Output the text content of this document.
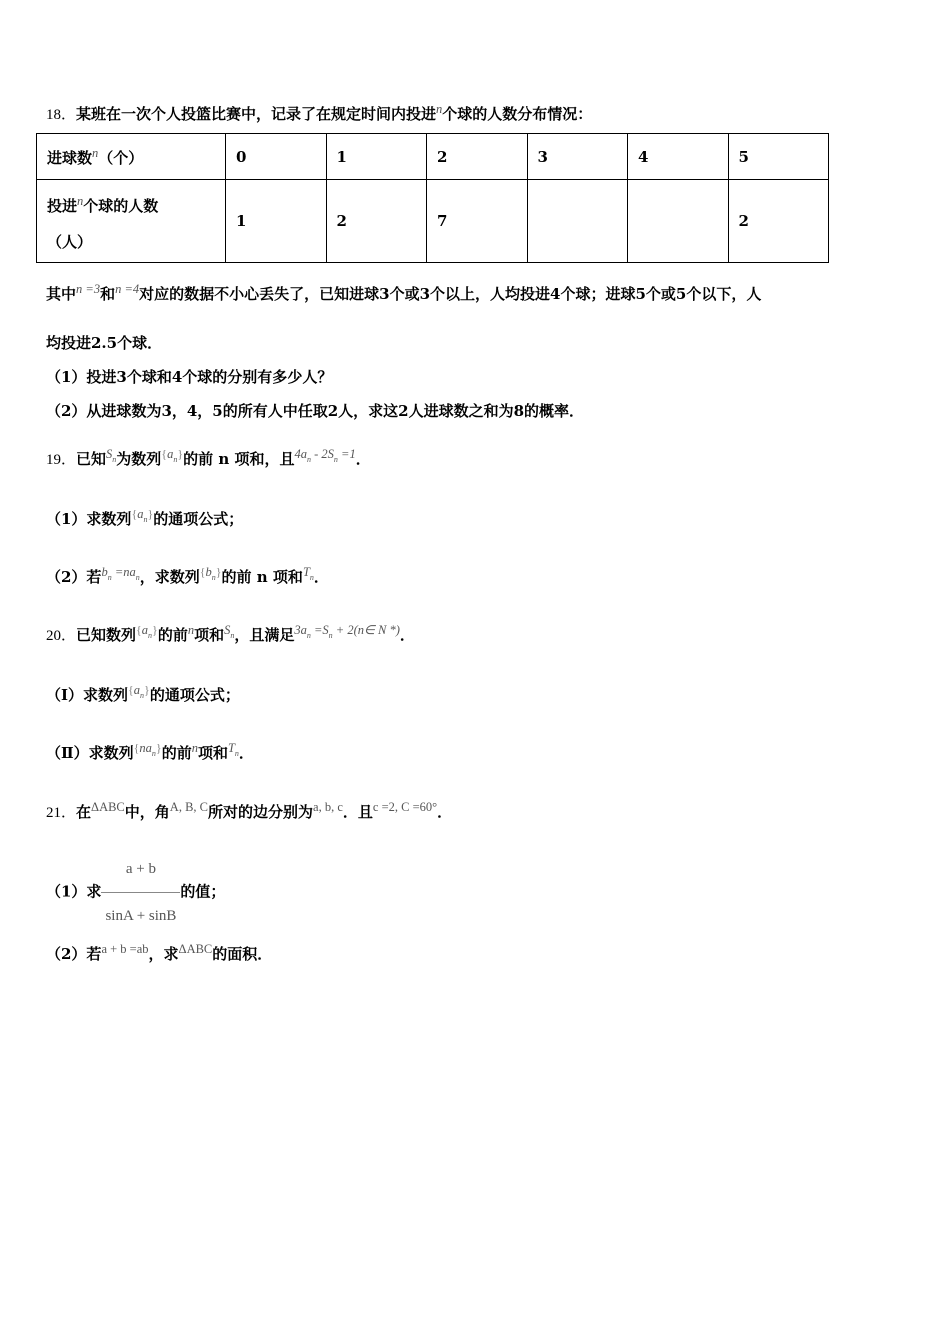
18．某班在一次个人投篮比赛中，记录了在规定时间内投进$^n$个球的人数分布情况：
进球数$^n$（个）	0	1	2	3	4	5
投进$^n$个球的人数
（人）	1	2	7			2
其中$^{n =3}$和$^{n =4}$对应的数据不小心丢失了，已知进球3个或3个以上，人均投进4个球；进球5个或5个以下，人
均投进2.5个球．
（1）投进3个球和4个球的分别有多少人？
（2）从进球数为3，4，5的所有人中任取2人，求这2人进球数之和为8的概率．
19．已知$^{S_n}$为数列$^{\{a_n\}}$的前 n 项和，且$^{4a_n - 2S_n =1}$．
（1）求数列$^{\{a_n\}}$的通项公式；
（2）若$^{b_n =na_n}$，求数列$^{\{b_n\}}$的前 n 项和$^{T_n}$．
20．已知数列$^{\{a_n\}}$的前$^n$项和$^{S_n}$，且满足$^{3a_n =S_n + 2(n\in N *)}$．
（Ⅰ）求数列$^{\{a_n\}}$的通项公式；
（Ⅱ）求数列$^{\{na_n\}}$的前$^n$项和$^{T_n}$．
21．在$^{\Delta ABC}$中，角$^{A, B, C}$所对的边分别为$^{a, b, c}$．且$^{c =2, C =60^\circ}$．
（1）求 $\frac{a + b}{\sin A + \sin B}$ 的值；
（2）若$^{a + b =ab}$，求$^{\Delta ABC}$的面积．
